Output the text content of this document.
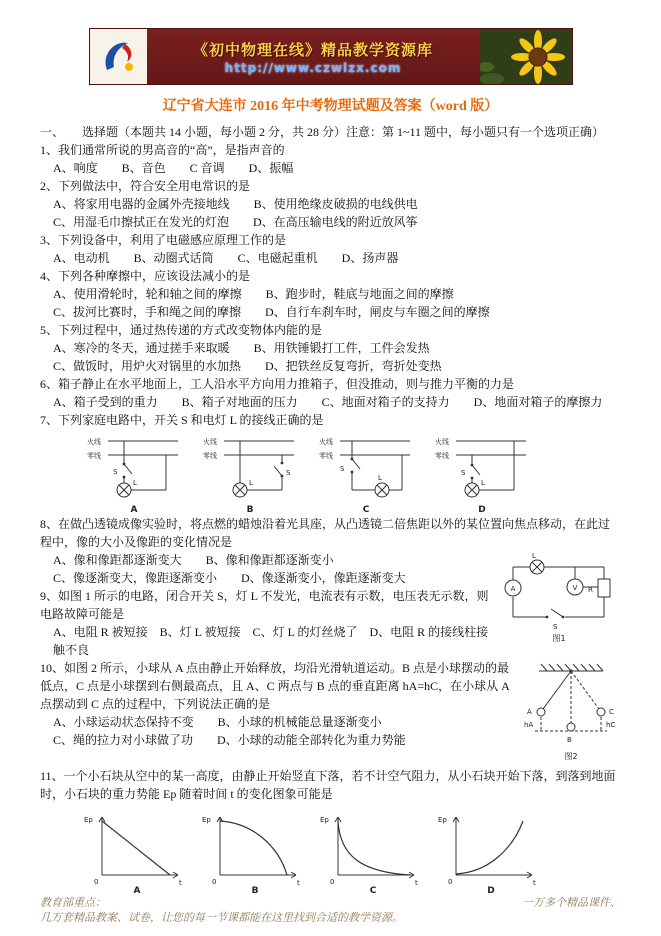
《初中物理在线》精品教学资源库
http://www.czwlzx.com
辽宁省大连市 2016 年中考物理试题及答案（word 版）

一、　　选择题（本题共 14 小题，每小题 2 分，共 28 分）注意：第 1~11 题中，每小题只有一个选项正确）

1、我们通常所说的男高音的“高”，是指声音的

A、响度　　B、音色　　C 音调　　D、振幅

2、下列做法中，符合安全用电常识的是

A、将家用电器的金属外壳接地线　　B、使用绝缘皮破损的电线供电

C、用湿毛巾擦拭正在发光的灯泡　　D、在高压输电线的附近放风筝

3、下列设备中，利用了电磁感应原理工作的是

A、电动机　　B、动圈式话筒　　C、电磁起重机　　D、扬声器

4、下列各种摩擦中，应该设法减小的是

A、使用滑轮时，轮和轴之间的摩擦　　B、跑步时，鞋底与地面之间的摩擦

C、拔河比赛时，手和绳之间的摩擦　　D、自行车刹车时，闸皮与车圈之间的摩擦

5、下列过程中，通过热传递的方式改变物体内能的是

A、寒冷的冬天，通过搓手来取暖　　B、用铁锤锻打工件，工件会发热

C、做饭时，用炉火对锅里的水加热　　D、把铁丝反复弯折，弯折处变热

6、箱子静止在水平地面上，工人沿水平方向用力推箱子，但没推动，则与推力平衡的力是

A、箱子受到的重力　　B、箱子对地面的压力　　C、地面对箱子的支持力　　D、地面对箱子的摩擦力

7、下列家庭电路中，开关 S 和电灯 L 的接线正确的是

火线
零线
S
L
A
火线
零线
S
L
B
火线
零线
S
L
C
火线
零线
S
L
D

8、在做凸透镜成像实验时，将点燃的蜡烛沿着光具座，从凸透镜二倍焦距以外的某位置向焦点移动，在此过程中，像的大小及像距的变化情况是

L
R
A	V
S
图1

A、像和像距都逐渐变大　　B、像和像距都逐渐变小

C、像逐渐变大，像距逐渐变小　　D、像逐渐变小，像距逐渐变大

9、如图 1 所示的电路，闭合开关 S，灯 L 不发光，电流表有示数，电压表无示数，则电路故障可能是

A、电阻 R 被短接　B、灯 L 被短接　C、灯 L 的灯丝烧了　D、电阻 R 的接线柱接触不良

A	C
B
hA	hC
图2

10、如图 2 所示，小球从 A 点由静止开始释放，均沿光滑轨道运动。B 点是小球摆动的最低点，C 点是小球摆到右侧最高点，且 A、C 两点与 B 点的垂直距离 hA=hC，在小球从 A 点摆动到 C 点的过程中，下列说法正确的是

A、小球运动状态保持不变　　B、小球的机械能总量逐渐变小

C、绳的拉力对小球做了功　　D、小球的动能全部转化为重力势能

11、一个小石块从空中的某一高度，由静止开始竖直下落，若不计空气阻力，从小石块开始下落，到落到地面时，小石块的重力势能 Ep 随着时间 t 的变化图象可能是

Ep
t
0
A
Ep
t
0
B
Ep
t
0
C
Ep
t
0
D
教育部重点：	一万多个精品课件、
几万套精品教案、试卷，让您的每一节课都能在这里找到合适的教学资源。
